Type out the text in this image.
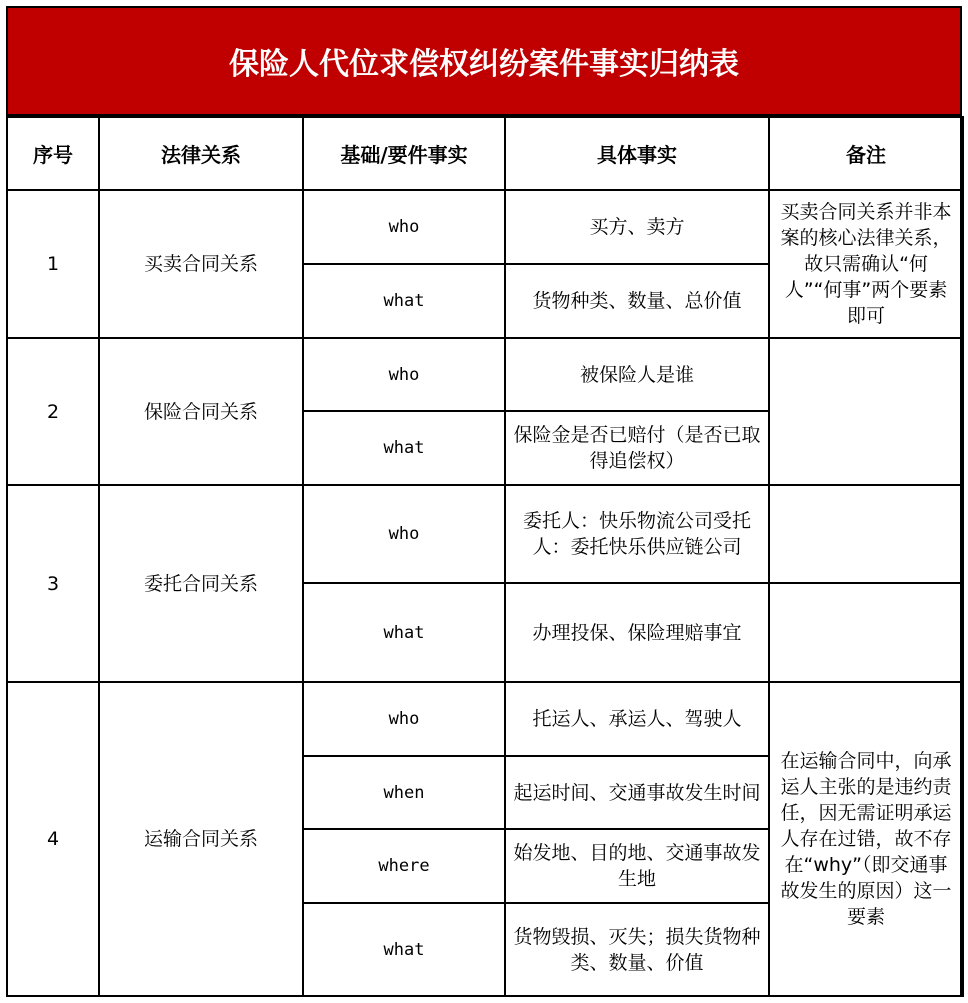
保险人代位求偿权纠纷案件事实归纳表
序号	法律关系	基础/要件事实	具体事实	备注
1	买卖合同关系	who	买方、卖方	买卖合同关系并非本案的核心法律关系，故只需确认“何人”“何事”两个要素即可
		what	货物种类、数量、总价值	
2	保险合同关系	who	被保险人是谁	
		what	保险金是否已赔付（是否已取得追偿权）	
3	委托合同关系	who	委托人：快乐物流公司受托人：委托快乐供应链公司	
		what	办理投保、保险理赔事宜	
4	运输合同关系	who	托运人、承运人、驾驶人	在运输合同中，向承运人主张的是违约责任，因无需证明承运人存在过错，故不存在“why”（即交通事故发生的原因）这一要素
		when	起运时间、交通事故发生时间	
		where	始发地、目的地、交通事故发生地	
		what	货物毁损、灭失；损失货物种类、数量、价值	
